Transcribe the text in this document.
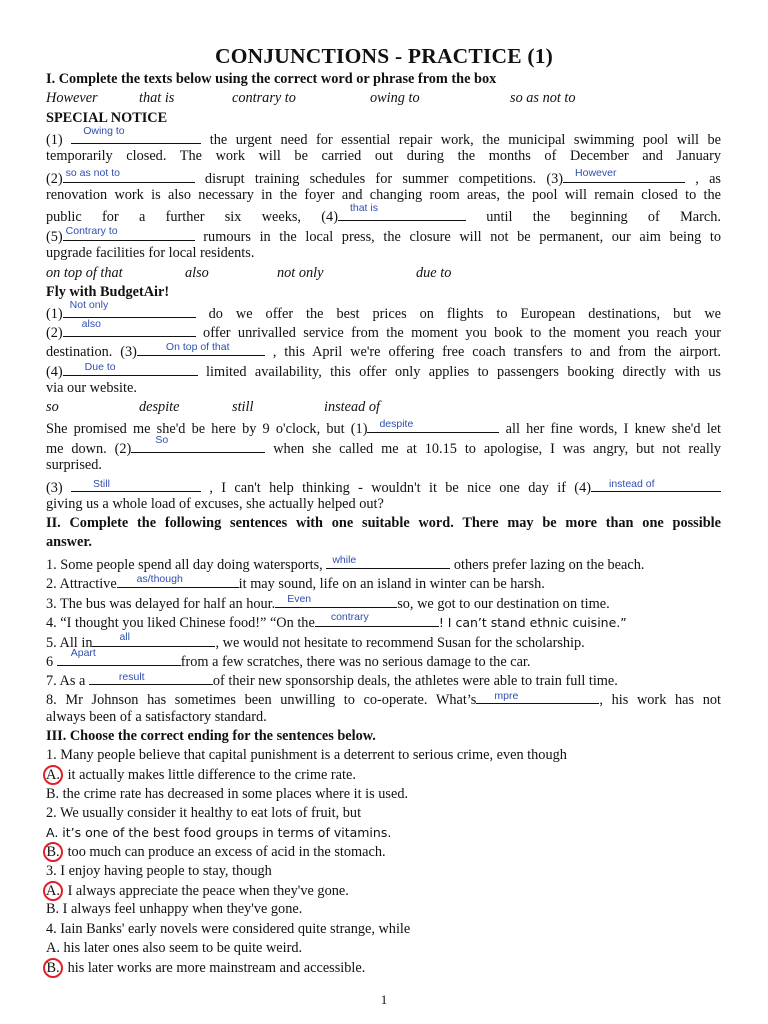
CONJUNCTIONS - PRACTICE (1)
I. Complete the texts below using the correct word or phrase from the box
However	that is	contrary to	owing to	so as not to
SPECIAL NOTICE
(1)
Owing to
the urgent need for essential repair work, the municipal swimming pool will be
temporarily closed. The work will be carried out during the months of December and January
(2) so as not to	disrupt training schedules for summer competitions. (3) However	, as
renovation work is also necessary in the foyer and changing room areas, the pool will remain closed to the
public for a further six weeks, (4)
that is
until the beginning of March.
(5) Contrary to	rumours in the local press, the closure will not be permanent, our aim being to
upgrade facilities for local residents.
on top of that	also	not only	due to
Fly with BudgetAir!
(1)
Not only
do we offer the best prices on flights to European destinations, but we
(2)
also
offer unrivalled service from the moment you book to the moment you reach your
destination. (3)	On top of that , this April we're offering free coach transfers to and from the airport.
(4) Due to	limited availability, this offer only applies to passengers booking directly with us
via our website.
so	despite	still	instead of
She promised me she'd be here by 9 o'clock, but (1) despite	all her fine words, I knew she'd let
me down. (2)
So
when she called me at 10.15 to apologise, I was angry, but not really
surprised.
(3) Still	, I can't help thinking - wouldn't it be nice one day if (4) instead of
giving us a whole load of excuses, she actually helped out?
II. Complete the following sentences with one suitable word. There may be more than one possible
answer.
1. Some people spend all day doing watersports, while	others prefer lazing on the beach.
2. Attractive as/though	it may sound, life on an island in winter can be harsh.
3. The bus was delayed for half an hour. Even	so, we got to our destination on time.
4. “I thought you liked Chinese food!” “On the contrary	! I can’t stand ethnic cuisine.”
5. All in	all	, we would not hesitate to recommend Susan for the scholarship.
6
Apart
from a few scratches, there was no serious damage to the car.
7. As a	result	of their new sponsorship deals, the athletes were able to train full time.
8. Mr Johnson has sometimes been unwilling to co-operate. What’s mpre	, his work has not
always been of a satisfactory standard.
III. Choose the correct ending for the sentences below.
1. Many people believe that capital punishment is a deterrent to serious crime, even though
A. it actually makes little difference to the crime rate.
B. the crime rate has decreased in some places where it is used.
2. We usually consider it healthy to eat lots of fruit, but
A. it’s one of the best food groups in terms of vitamins.
B. too much can produce an excess of acid in the stomach.
3. I enjoy having people to stay, though
A. I always appreciate the peace when they've gone.
B. I always feel unhappy when they've gone.
4. Iain Banks' early novels were considered quite strange, while
A. his later ones also seem to be quite weird.
B. his later works are more mainstream and accessible.
1
